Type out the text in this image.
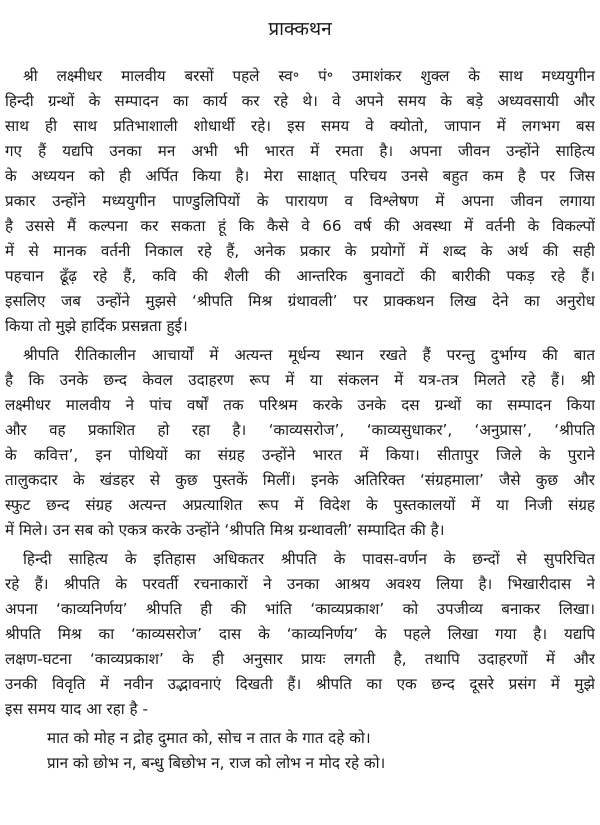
प्राक्कथन
श्री लक्ष्मीधर मालवीय बरसों पहले स्व॰ पं॰ उमाशंकर शुक्ल के साथ मध्ययुगीन
हिन्दी ग्रन्थों के सम्पादन का कार्य कर रहे थे। वे अपने समय के बड़े अध्यवसायी और
साथ ही साथ प्रतिभाशाली शोधार्थी रहे। इस समय वे क्योतो, जापान में लगभग बस
गए हैं यद्यपि उनका मन अभी भी भारत में रमता है। अपना जीवन उन्होंने साहित्य
के अध्ययन को ही अर्पित किया है। मेरा साक्षात् परिचय उनसे बहुत कम है पर जिस
प्रकार उन्होंने मध्ययुगीन पाण्डुलिपियों के पारायण व विश्लेषण में अपना जीवन लगाया
है उससे मैं कल्पना कर सकता हूं कि कैसे वे 66 वर्ष की अवस्था में वर्तनी के विकल्पों
में से मानक वर्तनी निकाल रहे हैं, अनेक प्रकार के प्रयोगों में शब्द के अर्थ की सही
पहचान ढूँढ़ रहे हैं, कवि की शैली की आन्तरिक बुनावटों की बारीकी पकड़ रहे हैं।
इसलिए जब उन्होंने मुझसे ‘श्रीपति मिश्र ग्रंथावली’ पर प्राक्कथन लिख देने का अनुरोध
किया तो मुझे हार्दिक प्रसन्नता हुई।
श्रीपति रीतिकालीन आचार्यों में अत्यन्त मूर्धन्य स्थान रखते हैं परन्तु दुर्भाग्य की बात
है कि उनके छन्द केवल उदाहरण रूप में या संकलन में यत्र-तत्र मिलते रहे हैं। श्री
लक्ष्मीधर मालवीय ने पांच वर्षों तक परिश्रम करके उनके दस ग्रन्थों का सम्पादन किया
और वह प्रकाशित हो रहा है। ‘काव्यसरोज’, ‘काव्यसुधाकर’, ‘अनुप्रास’, ‘श्रीपति
के कवित्त’, इन पोथियों का संग्रह उन्होंने भारत में किया। सीतापुर जिले के पुराने
तालुकदार के खंडहर से कुछ पुस्तकें मिलीं। इनके अतिरिक्त ‘संग्रहमाला’ जैसे कुछ और
स्फुट छन्द संग्रह अत्यन्त अप्रत्याशित रूप में विदेश के पुस्तकालयों में या निजी संग्रह
में मिले। उन सब को एकत्र करके उन्होंने ‘श्रीपति मिश्र ग्रन्थावली’ सम्पादित की है।
हिन्दी साहित्य के इतिहास अधिकतर श्रीपति के पावस-वर्णन के छन्दों से सुपरिचित
रहे हैं। श्रीपति के परवर्ती रचनाकारों ने उनका आश्रय अवश्य लिया है। भिखारीदास ने
अपना ‘काव्यनिर्णय’ श्रीपति ही की भांति ‘काव्यप्रकाश’ को उपजीव्य बनाकर लिखा।
श्रीपति मिश्र का ‘काव्यसरोज’ दास के ‘काव्यनिर्णय’ के पहले लिखा गया है। यद्यपि
लक्षण-घटना ‘काव्यप्रकाश’ के ही अनुसार प्रायः लगती है, तथापि उदाहरणों में और
उनकी विवृति में नवीन उद्भावनाएं दिखती हैं। श्रीपति का एक छन्द दूसरे प्रसंग में मुझे
इस समय याद आ रहा है -
मात को मोह न द्रोह दुमात को, सोच न तात के गात दहे को।
प्रान को छोभ न, बन्धु बिछोभ न, राज को लोभ न मोद रहे को।
